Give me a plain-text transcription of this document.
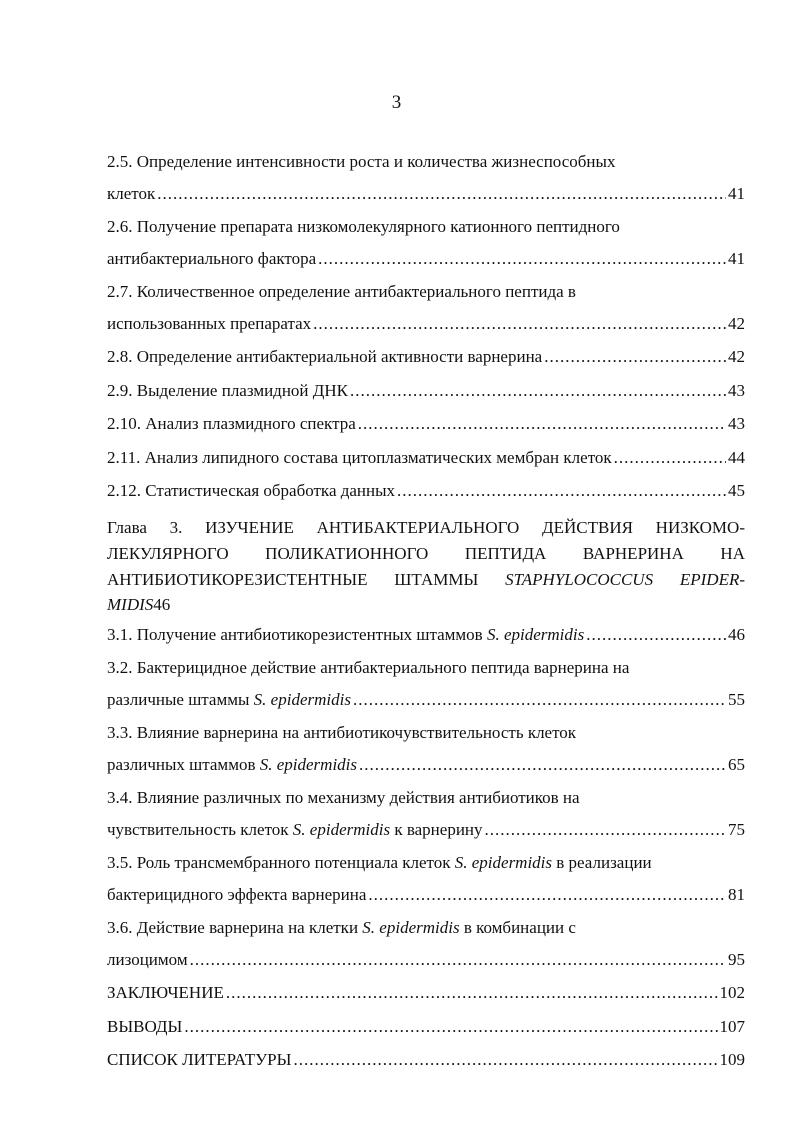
3
2.5. Определение интенсивности роста и количества жизнеспособных
клеток .....	41
2.6. Получение препарата низкомолекулярного катионного пептидного
антибактериального фактора .....	41
2.7. Количественное определение антибактериального пептида в
использованных препаратах .....	42
2.8. Определение антибактериальной активности варнерина .....	42
2.9. Выделение плазмидной ДНК .....	43
2.10. Анализ плазмидного спектра .....	43
2.11. Анализ липидного состава цитоплазматических мембран клеток .....	44
2.12. Статистическая обработка данных .....	45
Глава 3. ИЗУЧЕНИЕ АНТИБАКТЕРИАЛЬНОГО ДЕЙСТВИЯ НИЗКОМО-
ЛЕКУЛЯРНОГО ПОЛИКАТИОННОГО ПЕПТИДА ВАРНЕРИНА НА
АНТИБИОТИКОРЕЗИСТЕНТНЫЕ ШТАММЫ STAPHYLOCOCCUS EPIDER-
MIDIS 46
3.1. Получение антибиотикорезистентных штаммов S. epidermidis .....	46
3.2. Бактерицидное действие антибактериального пептида варнерина на
различные штаммы S. epidermidis .....	55
3.3. Влияние варнерина на антибиотикочувствительность клеток
различных штаммов S. epidermidis .....	65
3.4. Влияние различных по механизму действия антибиотиков на
чувствительность клеток S. epidermidis к варнерину .....	75
3.5. Роль трансмембранного потенциала клеток S. epidermidis в реализации
бактерицидного эффекта варнерина .....	81
3.6. Действие варнерина на клетки S. epidermidis в комбинации с
лизоцимом .....	95
ЗАКЛЮЧЕНИЕ .....	102
ВЫВОДЫ .....	107
СПИСОК ЛИТЕРАТУРЫ .....	109
